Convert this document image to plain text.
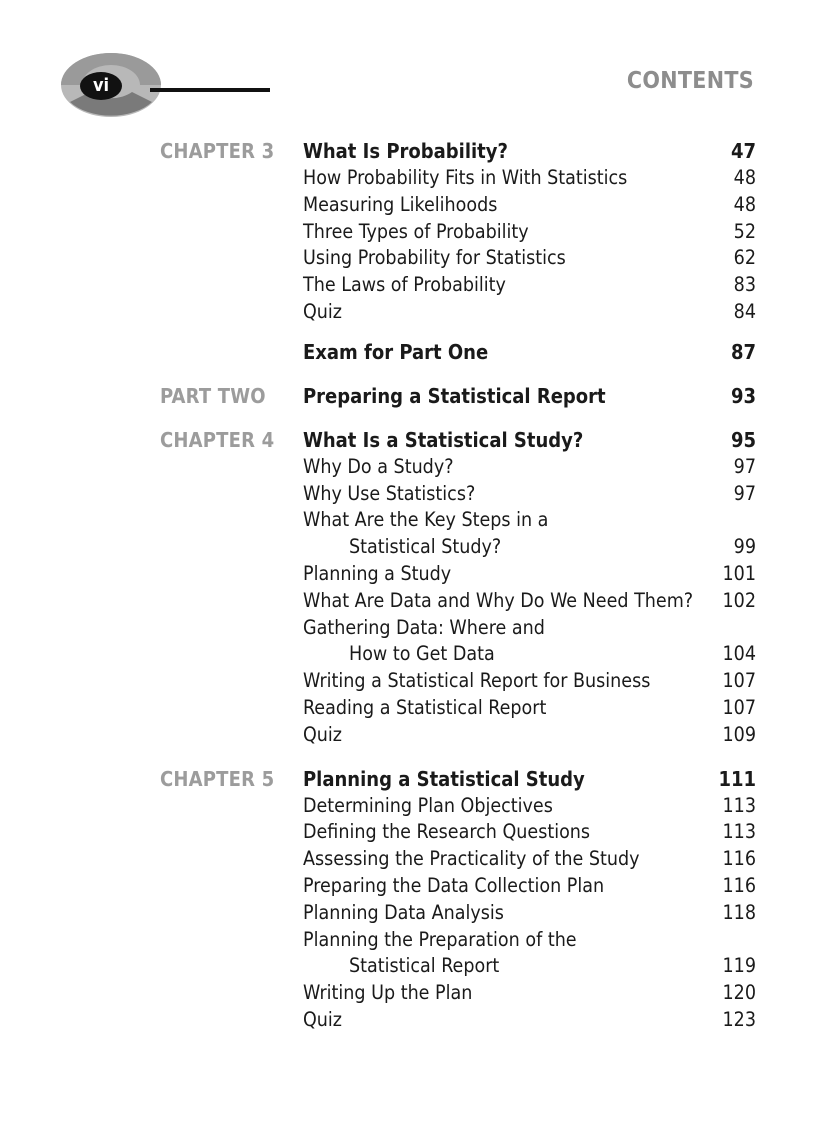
vi	CONTENTS
CHAPTER 3	What Is Probability?	47
How Probability Fits in With Statistics	48
Measuring Likelihoods	48
Three Types of Probability	52
Using Probability for Statistics	62
The Laws of Probability	83
Quiz	84
Exam for Part One	87
PART TWO	Preparing a Statistical Report	93
CHAPTER 4	What Is a Statistical Study?	95
Why Do a Study?	97
Why Use Statistics?	97
What Are the Key Steps in a
Statistical Study?	99
Planning a Study	101
What Are Data and Why Do We Need Them?	102
Gathering Data: Where and
How to Get Data	104
Writing a Statistical Report for Business	107
Reading a Statistical Report	107
Quiz	109
CHAPTER 5	Planning a Statistical Study	111
Determining Plan Objectives	113
Defining the Research Questions	113
Assessing the Practicality of the Study	116
Preparing the Data Collection Plan	116
Planning Data Analysis	118
Planning the Preparation of the
Statistical Report	119
Writing Up the Plan	120
Quiz	123
